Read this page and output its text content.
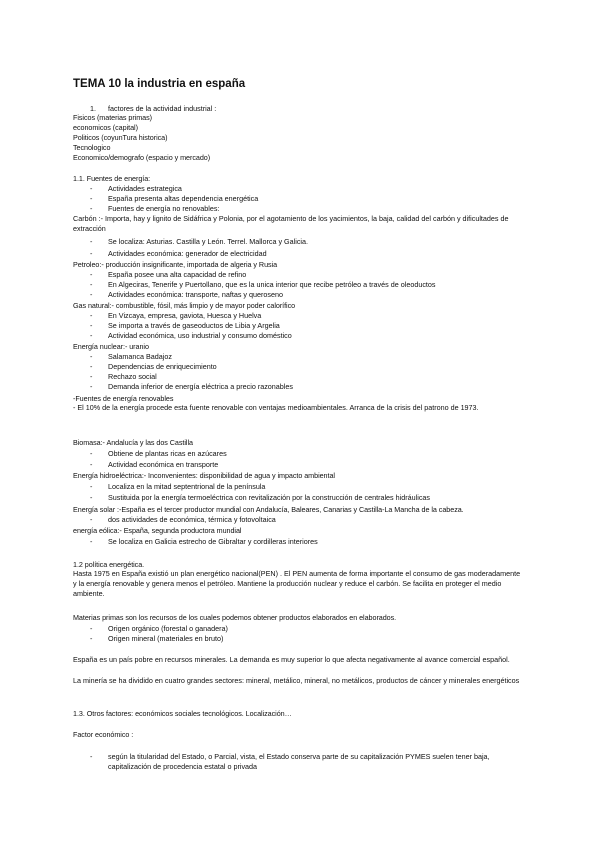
TEMA 10 la industria en españa
1. factores de la actividad industrial :
Fisicos (materias primas)
economicos (capital)
Politicos (coyunTura historica)
Tecnologico
Economico/demografo (espacio y mercado)
1.1. Fuentes de energía:
- Actividades estrategica
- España presenta altas dependencia energética
- Fuentes de energía no renovables:
Carbón :- Importa, hay y lignito de Sidáfrica y Polonia, por el agotamiento de los yacimientos, la baja, calidad del carbón y dificultades de extracción
- Se localiza: Asturias. Castilla y León. Terrel. Mallorca y Galicia.
- Actividades económica: generador de electricidad
Petroleo:- producción insignificante, importada de algeria y Rusia
- España posee una alta capacidad de refino
- En Algeciras, Tenerife y Puertollano, que es la unica interior que recibe petróleo a través de oleoductos
- Actividades económica: transporte, naftas y queroseno
Gas natural:- combustible, fósil, más limpio y de mayor poder calorífico
- En Vizcaya, empresa, gaviota, Huesca y Huelva
- Se importa a través de gaseoductos de Libia y Argelia
- Actividad económica, uso industrial y consumo doméstico
Energía nuclear:- uranio
- Salamanca Badajoz
- Dependencias de enriquecimiento
- Rechazo social
- Demanda inferior de energía eléctrica a precio razonables
-Fuentes de energía renovables
- El 10% de la energía procede esta fuente renovable con ventajas medioambientales. Arranca de la crisis del patrono de 1973.
Biomasa:- Andalucía y las dos Castilla
- Obtiene de plantas ricas en azúcares
- Actividad económica en transporte
Energía hidroeléctrica:- Inconvenientes: disponibilidad de agua y impacto ambiental
- Localiza en la mitad septentrional de la península
- Sustituida por la energía termoeléctrica con revitalización por la construcción de centrales hidráulicas
Energía solar :-España es el tercer productor mundial con Andalucía, Baleares, Canarias y Castilla-La Mancha de la cabeza.
- dos actividades de económica, térmica y fotovoltaica
energía eólica:- España, segunda productora mundial
- Se localiza en Galicia estrecho de Gibraltar y cordilleras interiores
1.2 política energética.
Hasta 1975 en España existió un plan energético nacional(PEN) . El PEN aumenta de forma importante el consumo de gas moderadamente y la energía renovable y genera menos el petróleo. Mantiene la producción nuclear y reduce el carbón. Se facilita en proteger el medio ambiente.
Materias primas son los recursos de los cuales podemos obtener productos elaborados en elaborados.
- Origen orgánico (forestal o ganadera)
- Origen mineral (materiales en bruto)
España es un país pobre en recursos minerales. La demanda es muy superior lo que afecta negativamente al avance comercial español.
La minería se ha dividido en cuatro grandes sectores: mineral, metálico, mineral, no metálicos, productos de cáncer y minerales energéticos
1.3. Otros factores: económicos sociales tecnológicos. Localización…
Factor económico :
- según la titularidad del Estado, o Parcial, vista, el Estado conserva parte de su capitalización PYMES suelen tener baja, capitalización de procedencia estatal o privada
